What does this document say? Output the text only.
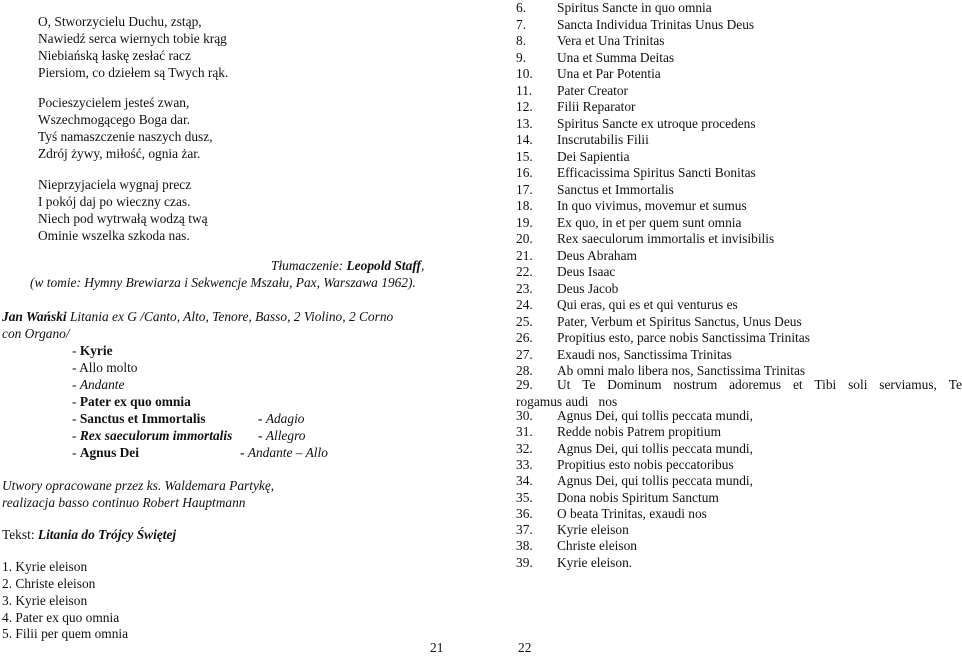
O, Stworzycielu Duchu, zstąp,
Nawiedź serca wiernych tobie krąg
Niebiańską łaskę zesłać racz
Piersiom, co dziełem są Twych rąk.
Pocieszycielem jesteś zwan,
Wszechmogącego Boga dar.
Tyś namaszczenie naszych dusz,
Zdrój żywy, miłość, ognia żar.
Nieprzyjaciela wygnaj precz
I pokój daj po wieczny czas.
Niech pod wytrwałą wodzą twą
Ominie wszelka szkoda nas.
Tłumaczenie: Leopold Staff,
(w tomie: Hymny Brewiarza i Sekwencje Mszału, Pax, Warszawa 1962).
Jan Wański Litania ex G /Canto, Alto, Tenore, Basso, 2 Violino, 2 Corno
con Organo/
- Kyrie
- Allo molto
- Andante
- Pater ex quo omnia
- Sanctus et Immortalis	- Adagio
- Rex saeculorum immortalis - Allegro
- Agnus Dei	- Andante – Allo
Utwory opracowane przez ks. Waldemara Partykę,
realizacja basso continuo Robert Hauptmann
Tekst: Litania do Trójcy Świętej
1. Kyrie eleison
2. Christe eleison
3. Kyrie eleison
4. Pater ex quo omnia
5. Filii per quem omnia
21
6. Spiritus Sancte in quo omnia
7. Sancta Individua Trinitas Unus Deus
8. Vera et Una Trinitas
9. Una et Summa Deitas
10. Una et Par Potentia
11. Pater Creator
12. Filii Reparator
13. Spiritus Sancte ex utroque procedens
14. Inscrutabilis Filii
15. Dei Sapientia
16. Efficacissima Spiritus Sancti Bonitas
17. Sanctus et Immortalis
18. In quo vivimus, movemur et sumus
19. Ex quo, in et per quem sunt omnia
20. Rex saeculorum immortalis et invisibilis
21. Deus Abraham
22. Deus Isaac
23. Deus Jacob
24. Qui eras, qui es et qui venturus es
25. Pater, Verbum et Spiritus Sanctus, Unus Deus
26. Propitius esto, parce nobis Sanctissima Trinitas
27. Exaudi nos, Sanctissima Trinitas
28. Ab omni malo libera nos, Sanctissima Trinitas
29. Ut Te Dominum nostrum adoremus et Tibi soli serviamus, Te
rogamus audi   nos
30. Agnus Dei, qui tollis peccata mundi,
31. Redde nobis Patrem propitium
32. Agnus Dei, qui tollis peccata mundi,
33. Propitius esto nobis peccatoribus
34. Agnus Dei, qui tollis peccata mundi,
35. Dona nobis Spiritum Sanctum
36. O beata Trinitas, exaudi nos
37. Kyrie eleison
38. Christe eleison
39. Kyrie eleison.
22
